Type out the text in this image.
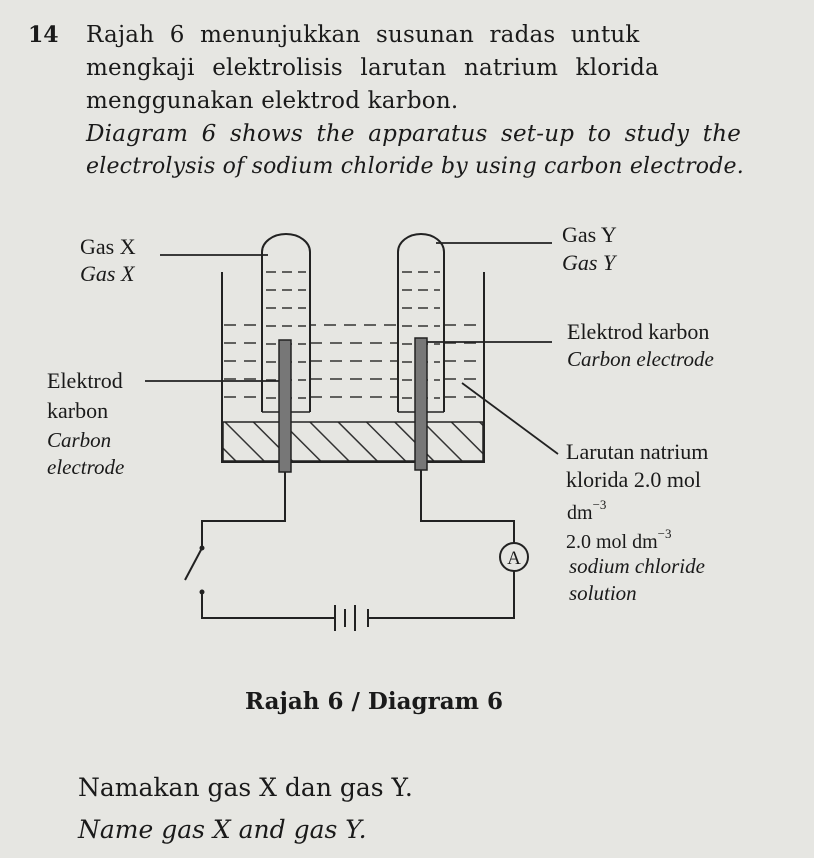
14 Rajah 6 menunjukkan susunan radas untuk
mengkaji elektrolisis larutan natrium klorida
menggunakan elektrod karbon.
Diagram 6 shows the apparatus set-up to study the
electrolysis of sodium chloride by using carbon electrode.
A
Gas X
Gas X
Gas Y
Gas Y
Elektrod karbon
Carbon electrode
Elektrod
karbon
Carbon
electrode
Larutan natrium
klorida 2.0 mol
$dm^{-3}$
2.0 mol $dm^{-3}$
sodium chloride
solution
Rajah 6 / Diagram 6
Namakan gas X dan gas Y.
Name gas X and gas Y.
